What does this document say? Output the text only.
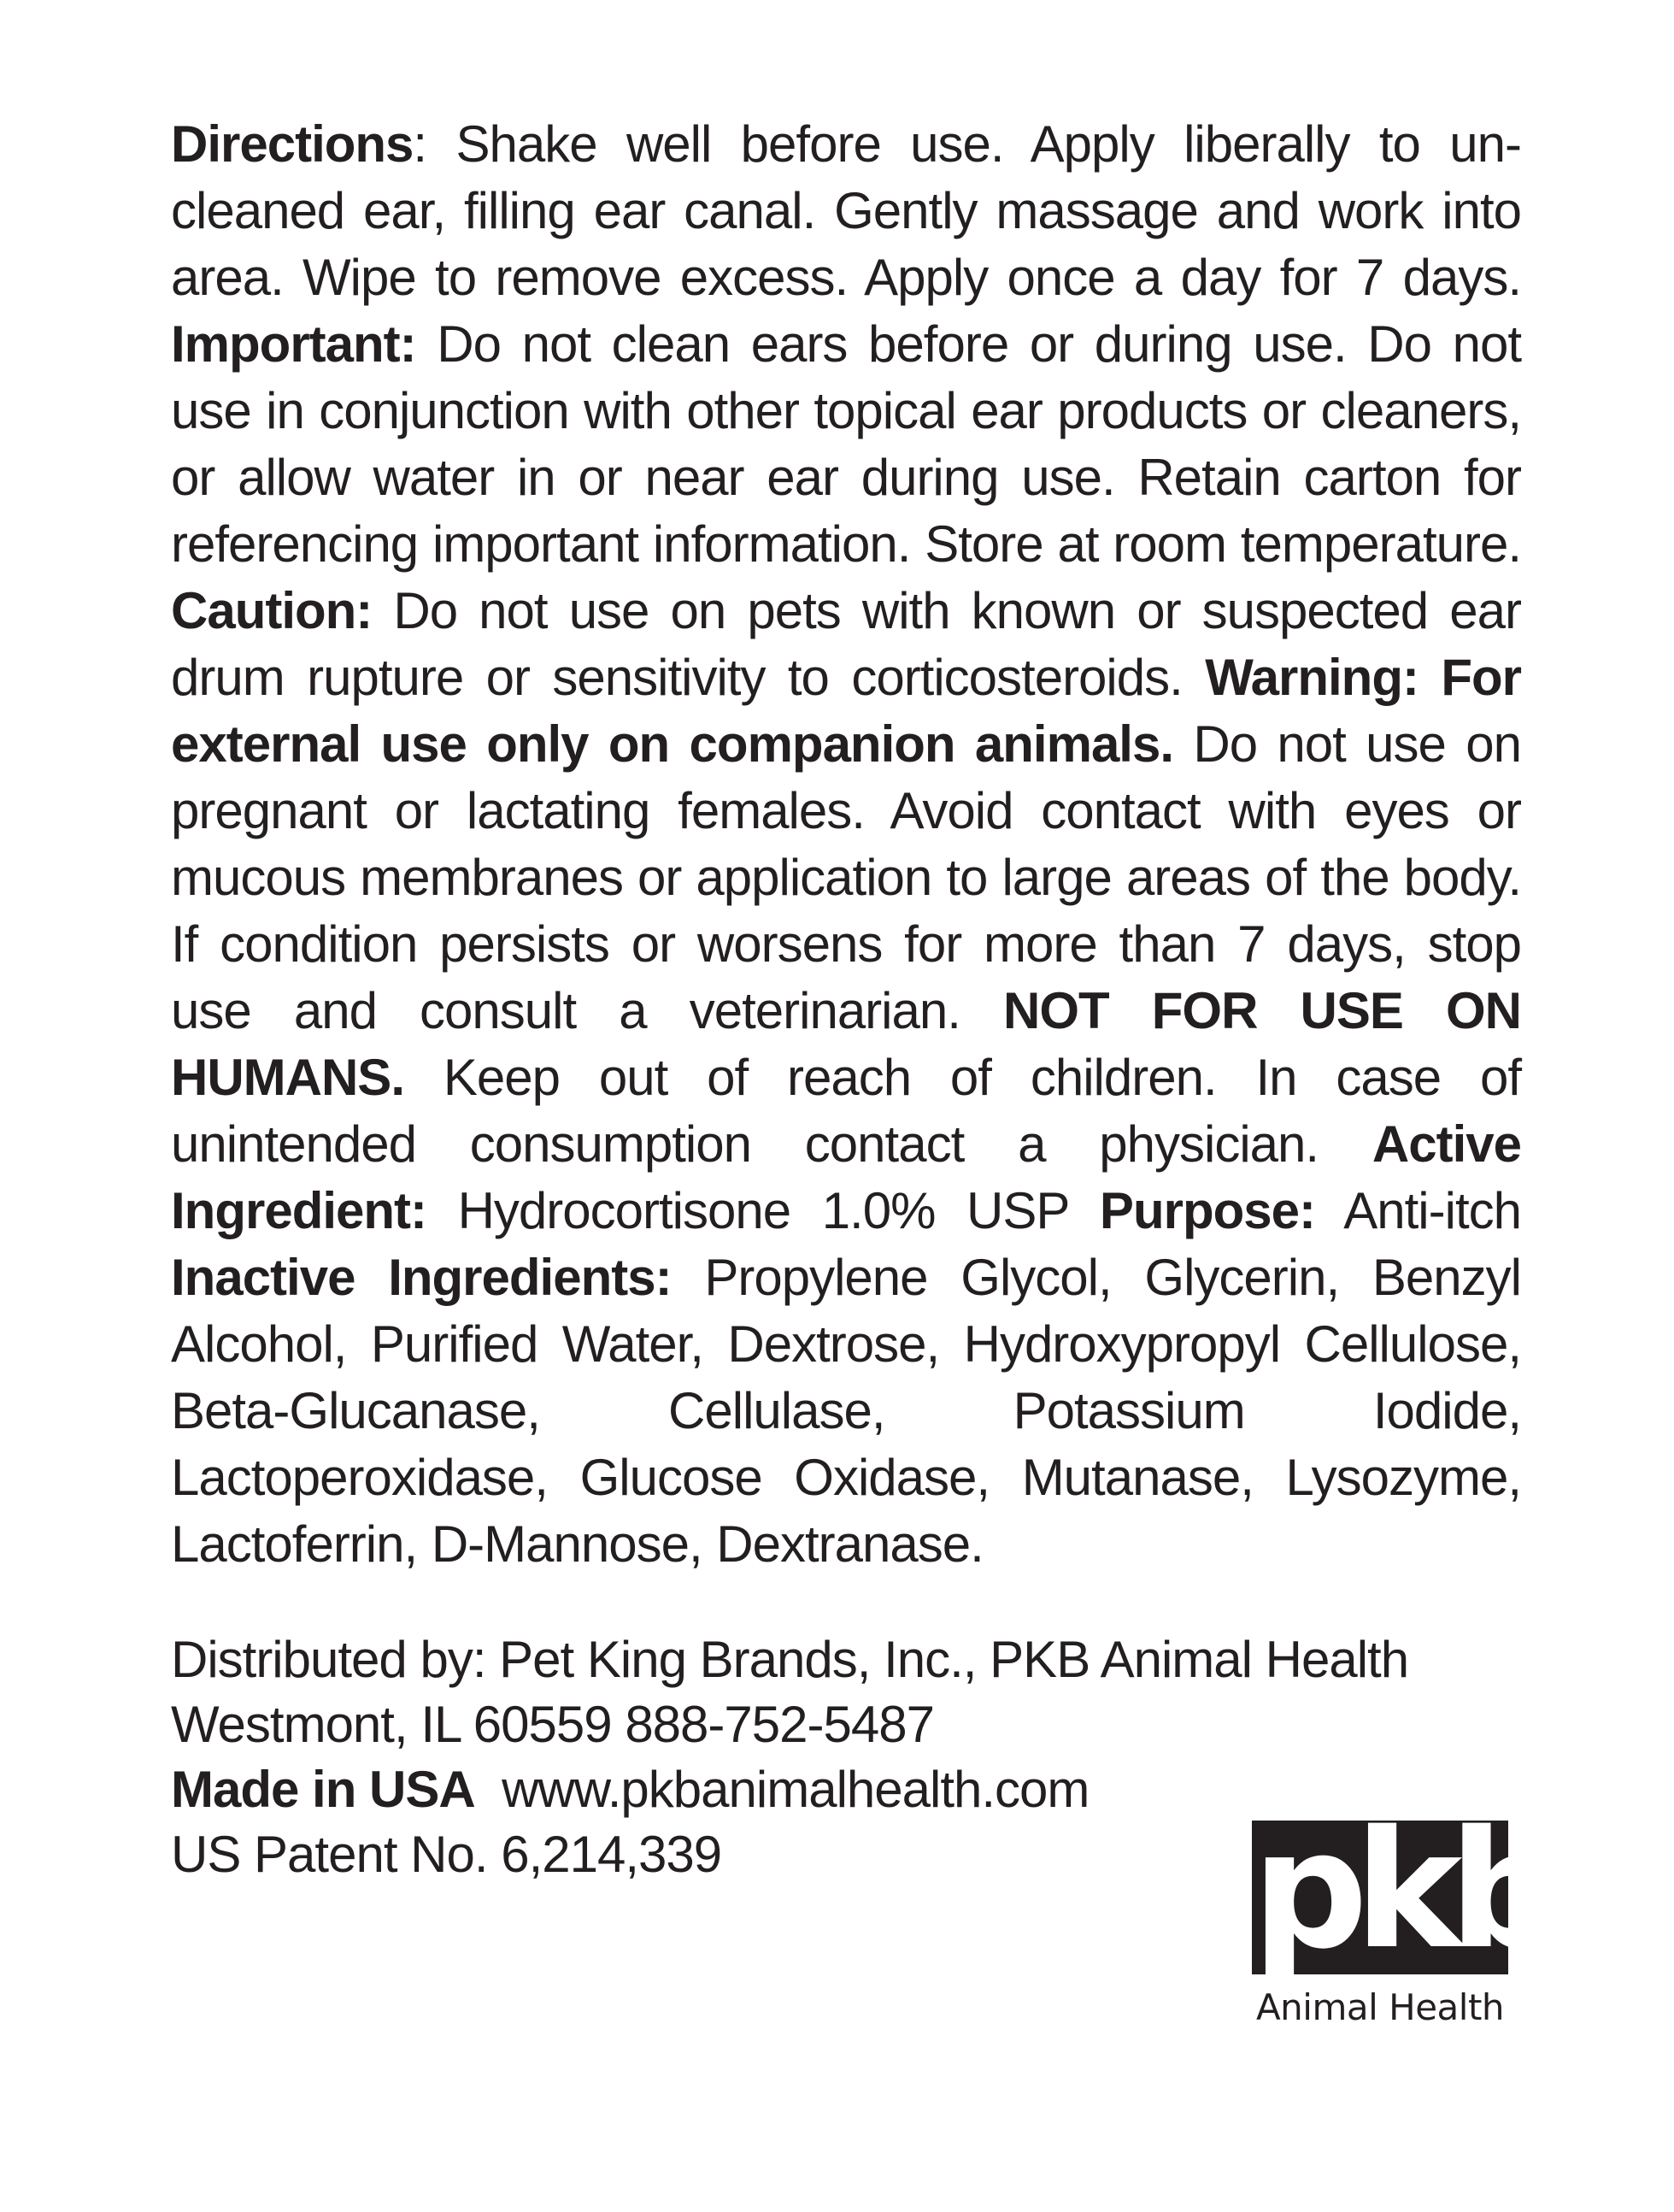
Directions: Shake well before use. Apply liberally to un-cleaned ear, filling ear canal. Gently massage and work into area. Wipe to remove excess. Apply once a day for 7 days. Important: Do not clean ears before or during use. Do not use in conjunction with other topical ear products or cleaners, or allow water in or near ear during use. Retain carton for referencing important information. Store at room temperature. Caution: Do not use on pets with known or suspected ear drum rupture or sensitivity to corticosteroids. Warning: For external use only on companion animals. Do not use on pregnant or lactating females. Avoid contact with eyes or mucous membranes or application to large areas of the body. If condition persists or worsens for more than 7 days, stop use and consult a veterinarian. NOT FOR USE ON HUMANS. Keep out of reach of children. In case of unintended consumption contact a physician. Active Ingredient: Hydrocortisone 1.0% USP Purpose: Anti-itch Inactive Ingredients: Propylene Glycol, Glycerin, Benzyl Alcohol, Purified Water, Dextrose, Hydroxypropyl Cellulose, Beta-Glucanase, Cellulase, Potassium Iodide, Lactoperoxidase, Glucose Oxidase, Mutanase, Lysozyme, Lactoferrin, D-Mannose, Dextranase.

Distributed by: Pet King Brands, Inc., PKB Animal Health
Westmont, IL 60559 888-752-5487
Made in USA www.pkbanimalhealth.com
US Patent No. 6,214,339	pkb
Animal Health
